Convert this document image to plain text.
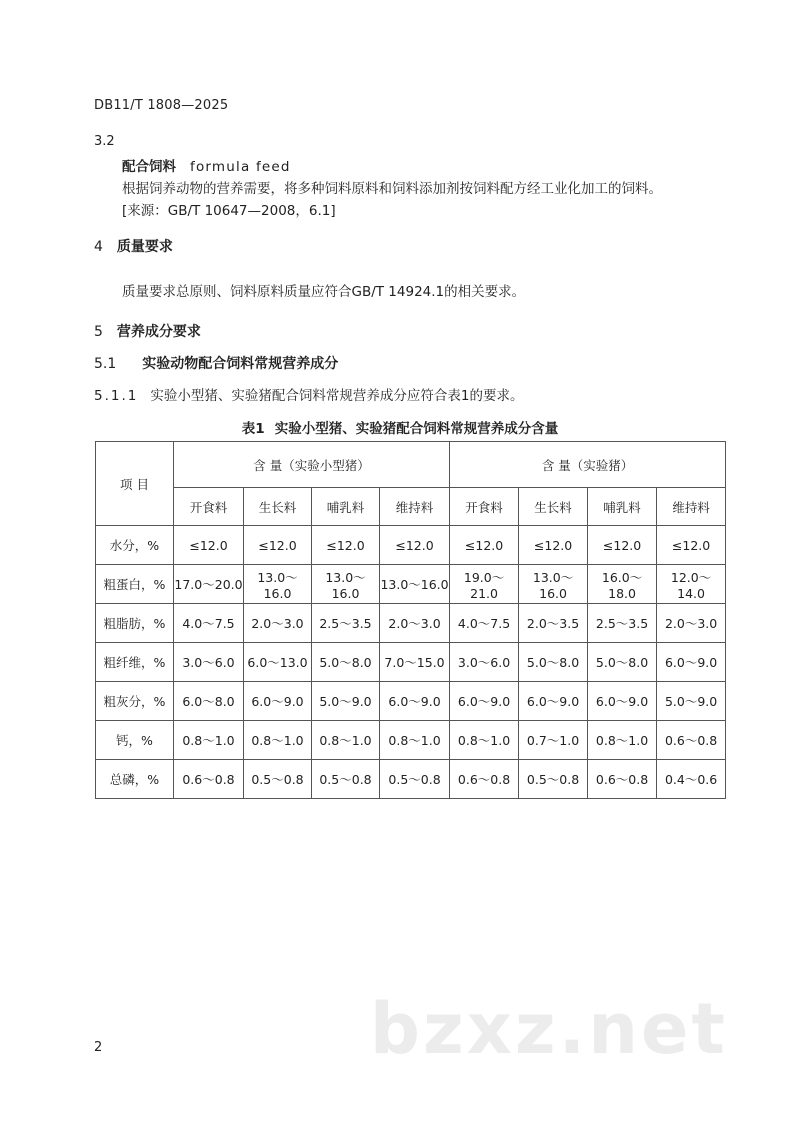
DB11/T 1808—2025
3.2
配合饲料 formula feed
根据饲养动物的营养需要，将多种饲料原料和饲料添加剂按饲料配方经工业化加工的饲料。
[来源：GB/T 10647—2008，6.1]
4 质量要求
质量要求总原则、饲料原料质量应符合GB/T 14924.1的相关要求。
5 营养成分要求
5.1 实验动物配合饲料常规营养成分
5.1.1 实验小型猪、实验猪配合饲料常规营养成分应符合表1的要求。
表1 实验小型猪、实验猪配合饲料常规营养成分含量
项 目	含 量（实验小型猪）				含 量（实验猪）			
	开食料	生长料	哺乳料	维持料	开食料	生长料	哺乳料	维持料
水分，%	≤12.0	≤12.0	≤12.0	≤12.0	≤12.0	≤12.0	≤12.0	≤12.0
粗蛋白，%	17.0～20.0	13.0～16.0	13.0～16.0	13.0～16.0	19.0～21.0	13.0～16.0	16.0～18.0	12.0～14.0
粗脂肪，%	4.0～7.5	2.0～3.0	2.5～3.5	2.0～3.0	4.0～7.5	2.0～3.5	2.5～3.5	2.0～3.0
粗纤维，%	3.0～6.0	6.0～13.0	5.0～8.0	7.0～15.0	3.0～6.0	5.0～8.0	5.0～8.0	6.0～9.0
粗灰分，%	6.0～8.0	6.0～9.0	5.0～9.0	6.0～9.0	6.0～9.0	6.0～9.0	6.0～9.0	5.0～9.0
钙，%	0.8～1.0	0.8～1.0	0.8～1.0	0.8～1.0	0.8～1.0	0.7～1.0	0.8～1.0	0.6～0.8
总磷，%	0.6～0.8	0.5～0.8	0.5～0.8	0.5～0.8	0.6～0.8	0.5～0.8	0.6～0.8	0.4～0.6
2	bzxz.net
